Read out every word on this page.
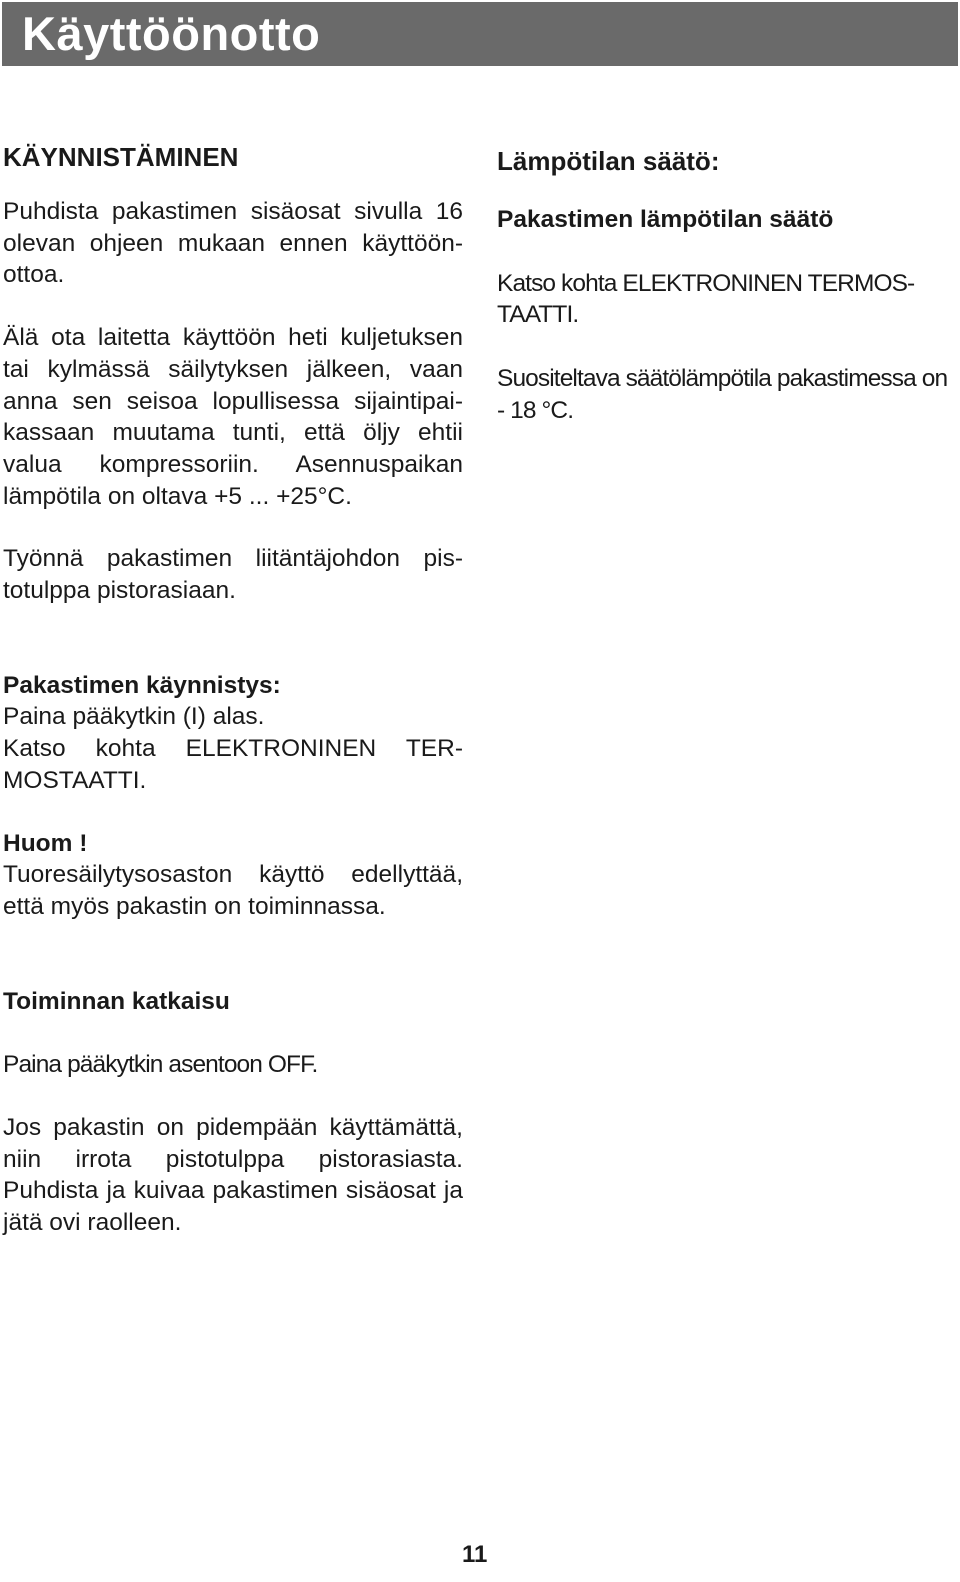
Käyttöönotto

KÄYNNISTÄMINEN

Puhdista pakastimen sisäosat sivulla 16 olevan ohjeen mukaan ennen käyttöön-ottoa.

Älä ota laitetta käyttöön heti kuljetuksen tai kylmässä säilytyksen jälkeen, vaan anna sen seisoa lopullisessa sijaintipai-kassaan muutama tunti, että öljy ehtii valua kompressoriin. Asennuspaikan lämpötila on oltava +5 ... +25°C.

Työnnä pakastimen liitäntäjohdon pis-totulppa pistorasiaan.

Pakastimen käynnistys:

Paina pääkytkin (I) alas.

Katso kohta ELEKTRONINEN TER-MOSTAATTI.

Huom !

Tuoresäilytysosaston käyttö edellyttää, että myös pakastin on toiminnassa.

Toiminnan katkaisu

Paina pääkytkin asentoon OFF.

Jos pakastin on pidempään käyttämättä, niin irrota pistotulppa pistorasiasta. Puhdista ja kuivaa pakastimen sisäosat ja jätä ovi raolleen.

Lämpötilan säätö:

Pakastimen lämpötilan säätö

Katso kohta ELEKTRONINEN TERMOS-TAATTI.

Suositeltava säätölämpötila pakastimessa on - 18 °C.

11
